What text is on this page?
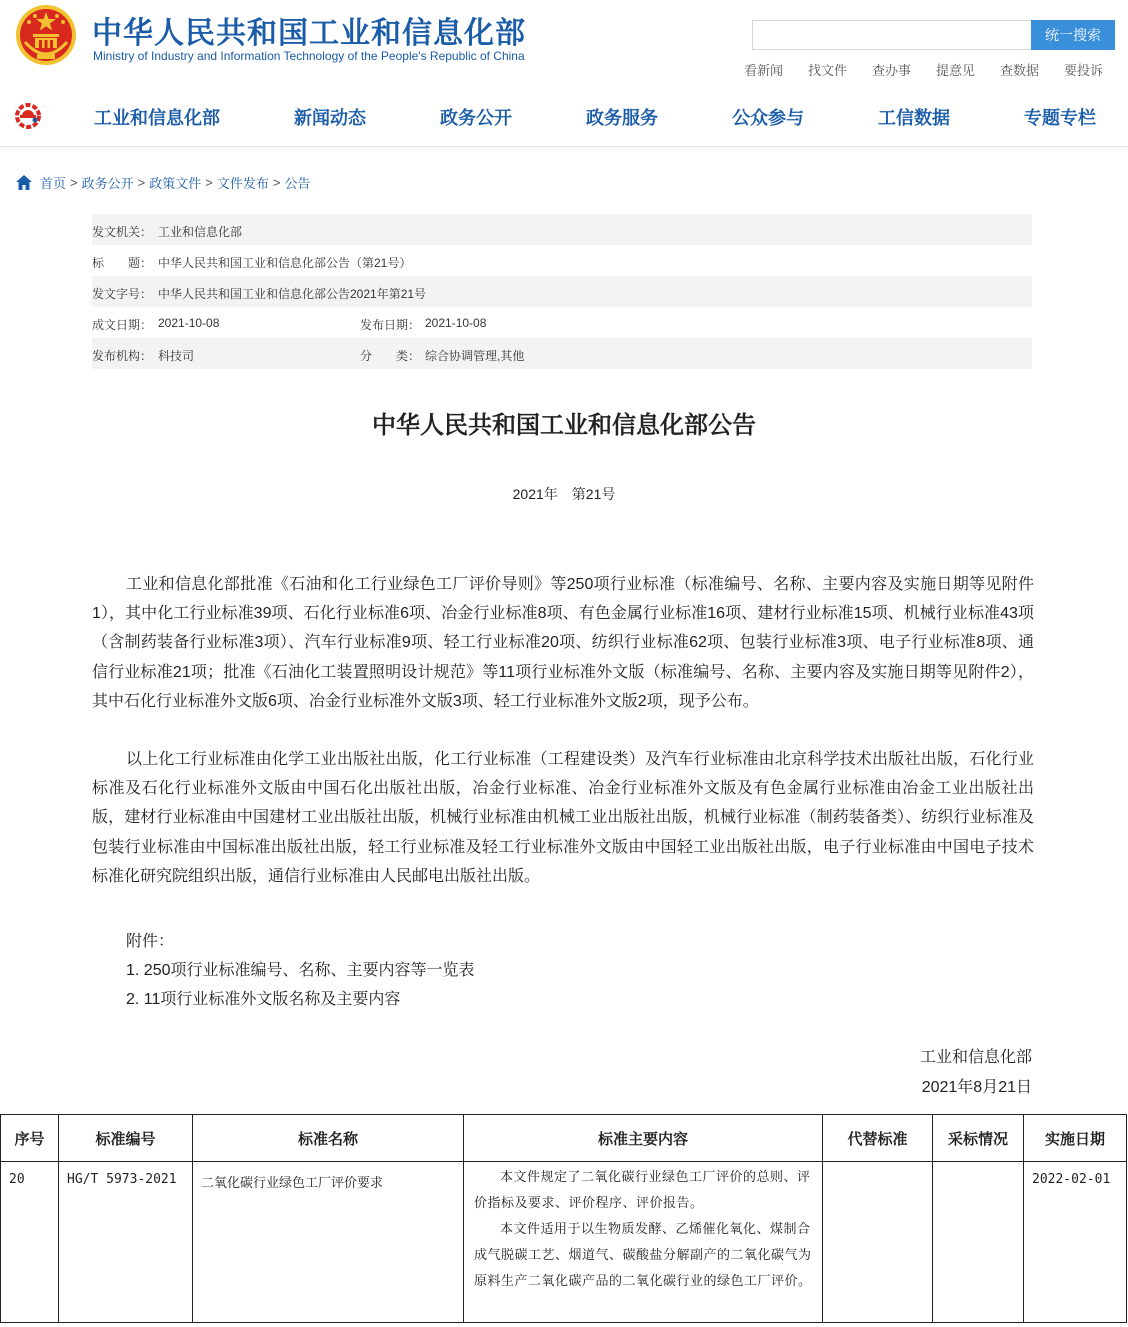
中华人民共和国工业和信息化部
Ministry of Industry and Information Technology of the People's Republic of China
统一搜索
看新闻	找文件	查办事	提意见	查数据	要投诉
工业和信息化部	新闻动态	政务公开	政务服务	公众参与	工信数据	专题专栏
首页 > 政务公开 > 政策文件 > 文件发布 > 公告
发文机关： 工业和信息化部
标　　题： 中华人民共和国工业和信息化部公告（第21号）
发文字号： 中华人民共和国工业和信息化部公告2021年第21号
成文日期： 2021-10-08	发布日期： 2021-10-08
发布机构： 科技司	分　　类： 综合协调管理,其他
中华人民共和国工业和信息化部公告
2021年　第21号

工业和信息化部批准《石油和化工行业绿色工厂评价导则》等250项行业标准（标准编号、名称、主要内容及实施日期等见附件1），其中化工行业标准39项、石化行业标准6项、冶金行业标准8项、有色金属行业标准16项、建材行业标准15项、机械行业标准43项（含制药装备行业标准3项）、汽车行业标准9项、轻工行业标准20项、纺织行业标准62项、包装行业标准3项、电子行业标准8项、通信行业标准21项；批准《石油化工装置照明设计规范》等11项行业标准外文版（标准编号、名称、主要内容及实施日期等见附件2），其中石化行业标准外文版6项、冶金行业标准外文版3项、轻工行业标准外文版2项，现予公布。

以上化工行业标准由化学工业出版社出版，化工行业标准（工程建设类）及汽车行业标准由北京科学技术出版社出版，石化行业标准及石化行业标准外文版由中国石化出版社出版，冶金行业标准、冶金行业标准外文版及有色金属行业标准由冶金工业出版社出版，建材行业标准由中国建材工业出版社出版，机械行业标准由机械工业出版社出版，机械行业标准（制药装备类）、纺织行业标准及包装行业标准由中国标准出版社出版，轻工行业标准及轻工行业标准外文版由中国轻工业出版社出版，电子行业标准由中国电子技术标准化研究院组织出版，通信行业标准由人民邮电出版社出版。

附件：
1. 250项行业标准编号、名称、主要内容等一览表
2. 11项行业标准外文版名称及主要内容
工业和信息化部
2021年8月21日
序号	标准编号	标准名称	标准主要内容	代替标准	采标情况	实施日期

20	HG/T 5973-2021	二氧化碳行业绿色工厂评价要求	本文件规定了二氧化碳行业绿色工厂评价的总则、评价指标及要求、评价程序、评价报告。

本文件适用于以生物质发酵、乙烯催化氧化、煤制合成气脱碳工艺、烟道气、碳酸盐分解副产的二氧化碳气为原料生产二氧化碳产品的二氧化碳行业的绿色工厂评价。			2022-02-01
